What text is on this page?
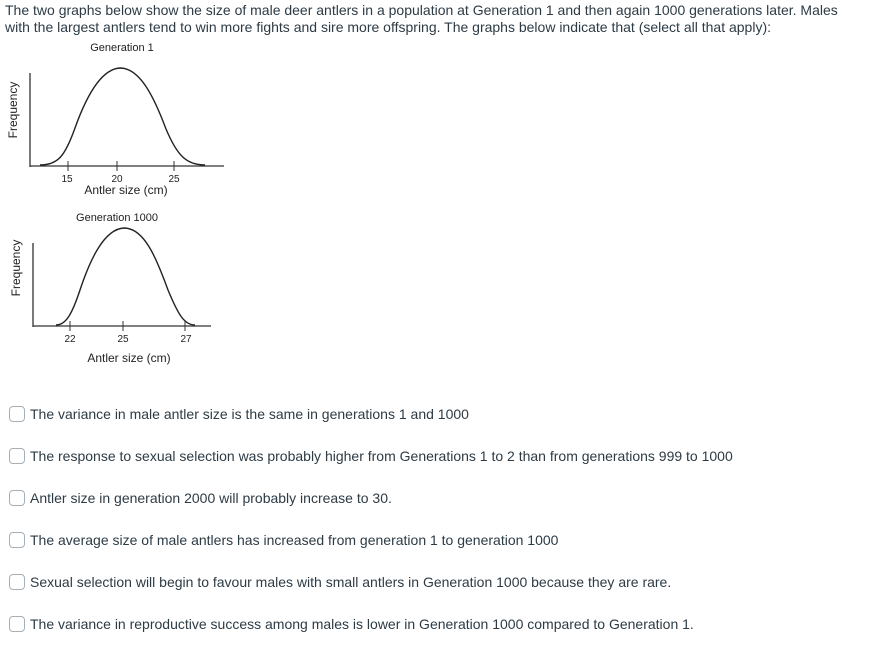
The two graphs below show the size of male deer antlers in a population at Generation 1 and then again 1000 generations later. Males with the largest antlers tend to win more fights and sire more offspring. The graphs below indicate that (select all that apply):

Generation 1
Frequency
15	20	25
Antler size (cm)
Generation 1000
Frequency
22	25	27
Antler size (cm)
The variance in male antler size is the same in generations 1 and 1000
The response to sexual selection was probably higher from Generations 1 to 2 than from generations 999 to 1000
Antler size in generation 2000 will probably increase to 30.
The average size of male antlers has increased from generation 1 to generation 1000
Sexual selection will begin to favour males with small antlers in Generation 1000 because they are rare.
The variance in reproductive success among males is lower in Generation 1000 compared to Generation 1.
